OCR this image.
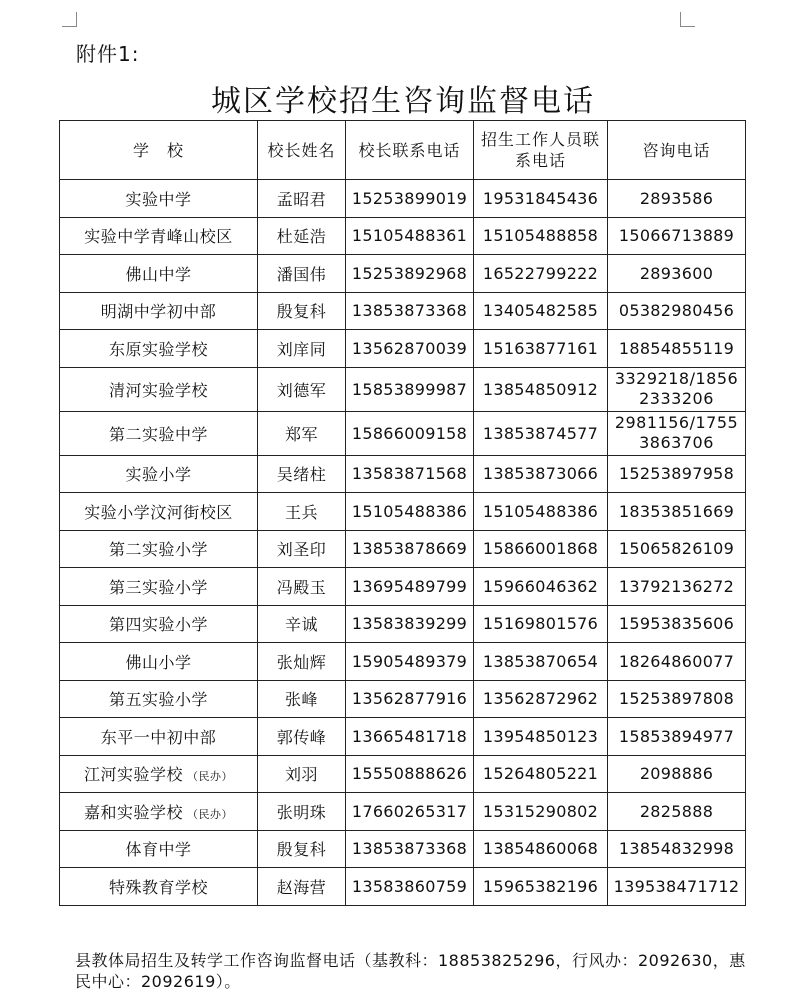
附件1:
城区学校招生咨询监督电话
学　校	校长姓名	校长联系电话	招生工作人员联系电话	咨询电话
实验中学	孟昭君	15253899019	19531845436	2893586
实验中学青峰山校区	杜延浩	15105488361	15105488858	15066713889
佛山中学	潘国伟	15253892968	16522799222	2893600
明湖中学初中部	殷复科	13853873368	13405482585	05382980456
东原实验学校	刘庠同	13562870039	15163877161	18854855119
清河实验学校	刘德军	15853899987	13854850912	3329218/18562333206
第二实验中学	郑军	15866009158	13853874577	2981156/17553863706
实验小学	吴绪柱	13583871568	13853873066	15253897958
实验小学汶河街校区	王兵	15105488386	15105488386	18353851669
第二实验小学	刘圣印	13853878669	15866001868	15065826109
第三实验小学	冯殿玉	13695489799	15966046362	13792136272
第四实验小学	辛诚	13583839299	15169801576	15953835606
佛山小学	张灿辉	15905489379	13853870654	18264860077
第五实验小学	张峰	13562877916	13562872962	15253897808
东平一中初中部	郭传峰	13665481718	13954850123	15853894977
江河实验学校 （民办）	刘羽	15550888626	15264805221	2098886
嘉和实验学校 （民办）	张明珠	17660265317	15315290802	2825888
体育中学	殷复科	13853873368	13854860068	13854832998
特殊教育学校	赵海营	13583860759	15965382196	139538471712
县教体局招生及转学工作咨询监督电话（基教科：18853825296，行风办：2092630，惠民中心：2092619）。
